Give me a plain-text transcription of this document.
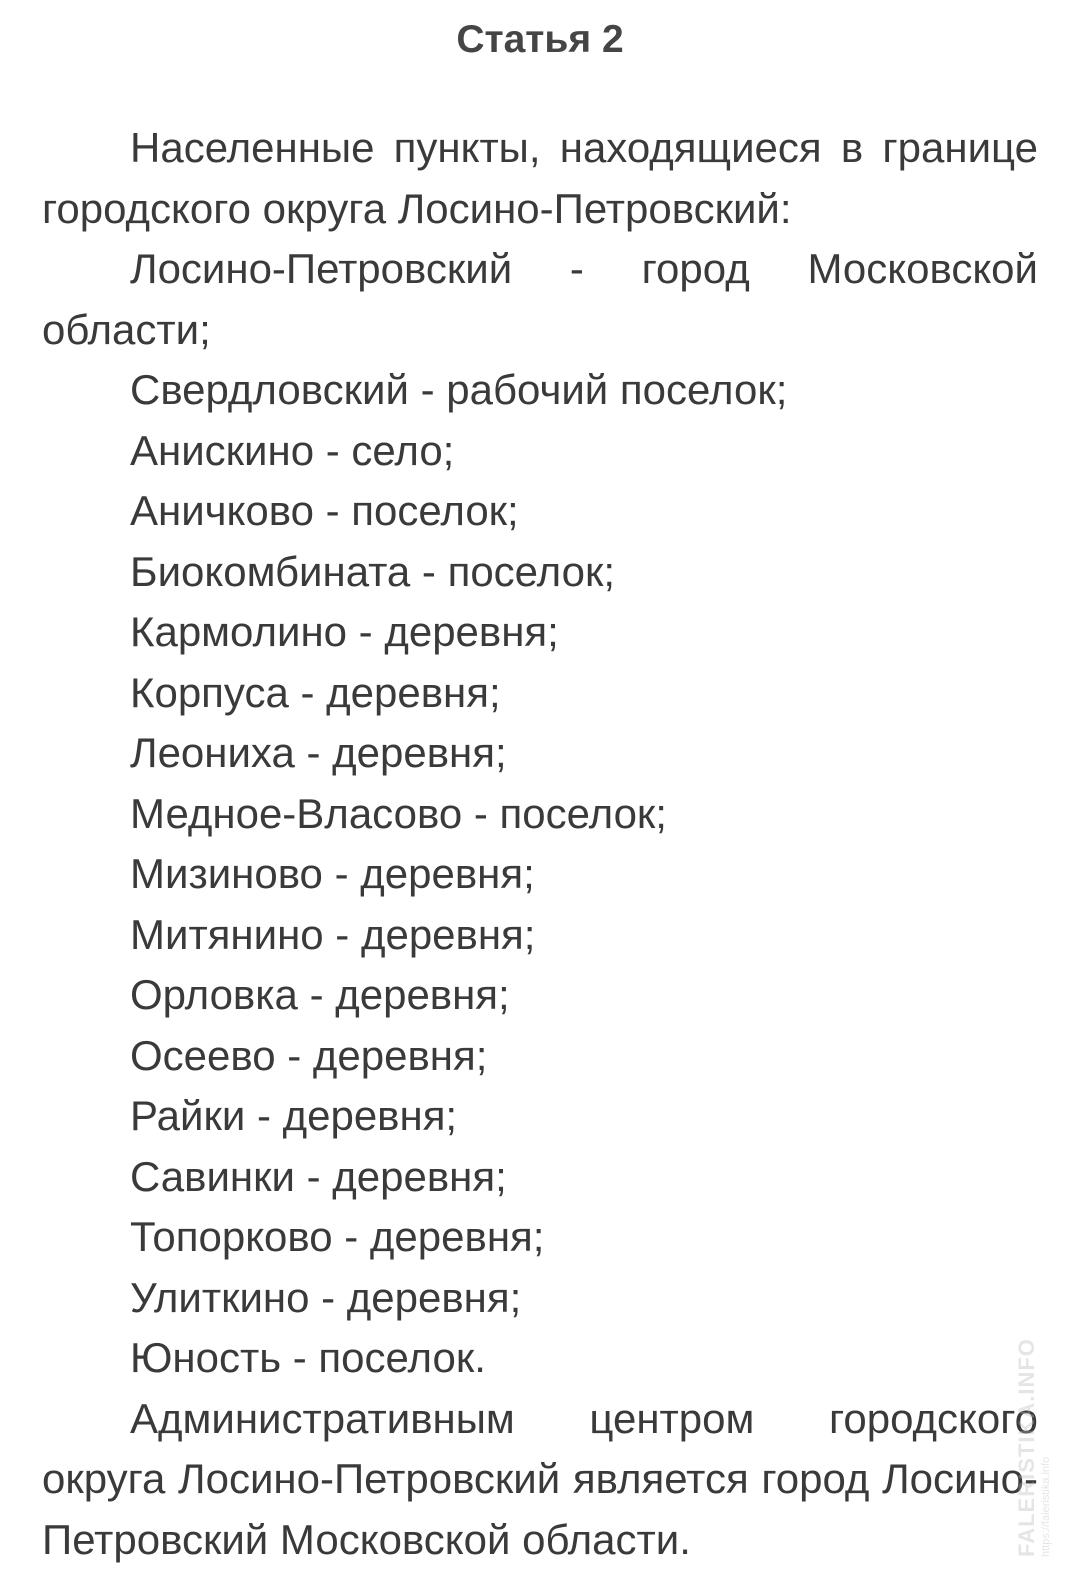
Статья 2

Населенные пункты, находящиеся в границе городского округа Лосино-Петровский:

Лосино-Петровский - город Московской области;

Свердловский - рабочий поселок;

Анискино - село;

Аничково - поселок;

Биокомбината - поселок;

Кармолино - деревня;

Корпуса - деревня;

Леониха - деревня;

Медное-Власово - поселок;

Мизиново - деревня;

Митянино - деревня;

Орловка - деревня;

Осеево - деревня;

Райки - деревня;

Савинки - деревня;

Топорково - деревня;

Улиткино - деревня;

Юность - поселок.

Административным центром городского округа Лосино-Петровский является город Лосино-Петровский Московской области.	FALERISTIKA.INFO https://faleristika.info
